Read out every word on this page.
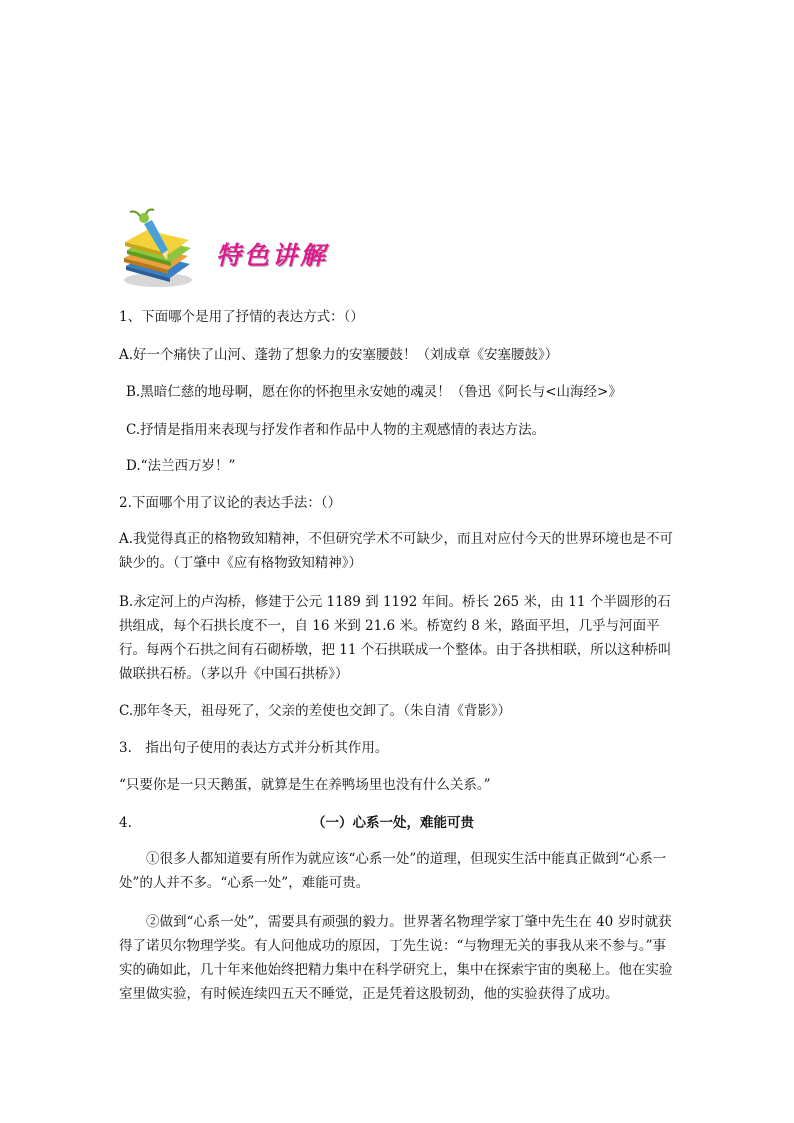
特色讲解
1、下面哪个是用了抒情的表达方式：（）
A.好一个痛快了山河、蓬勃了想象力的安塞腰鼓！（刘成章《安塞腰鼓》）
B.黑暗仁慈的地母啊，愿在你的怀抱里永安她的魂灵！（鲁迅《阿长与<山海经>》
C.抒情是指用来表现与抒发作者和作品中人物的主观感情的表达方法。
D.“法兰西万岁！”
2.下面哪个用了议论的表达手法：（）
A.我觉得真正的格物致知精神，不但研究学术不可缺少，而且对应付今天的世界环境也是不可缺少的。（丁肇中《应有格物致知精神》）
B.永定河上的卢沟桥，修建于公元 1189 到 1192 年间。桥长 265 米，由 11 个半圆形的石拱组成，每个石拱长度不一，自 16 米到 21.6 米。桥宽约 8 米，路面平坦，几乎与河面平行。每两个石拱之间有石砌桥墩，把 11 个石拱联成一个整体。由于各拱相联，所以这种桥叫做联拱石桥。（茅以升《中国石拱桥》）
C.那年冬天，祖母死了，父亲的差使也交卸了。（朱自清《背影》）
3.　指出句子使用的表达方式并分析其作用。
“只要你是一只天鹅蛋，就算是生在养鸭场里也没有什么关系。”
4.	（一）心系一处，难能可贵
①很多人都知道要有所作为就应该“心系一处”的道理，但现实生活中能真正做到“心系一处”的人并不多。“心系一处”，难能可贵。
②做到“心系一处”，需要具有顽强的毅力。世界著名物理学家丁肇中先生在 40 岁时就获得了诺贝尔物理学奖。有人问他成功的原因，丁先生说：“与物理无关的事我从来不参与。”事实的确如此，几十年来他始终把精力集中在科学研究上，集中在探索宇宙的奥秘上。他在实验室里做实验，有时候连续四五天不睡觉，正是凭着这股韧劲，他的实验获得了成功。
